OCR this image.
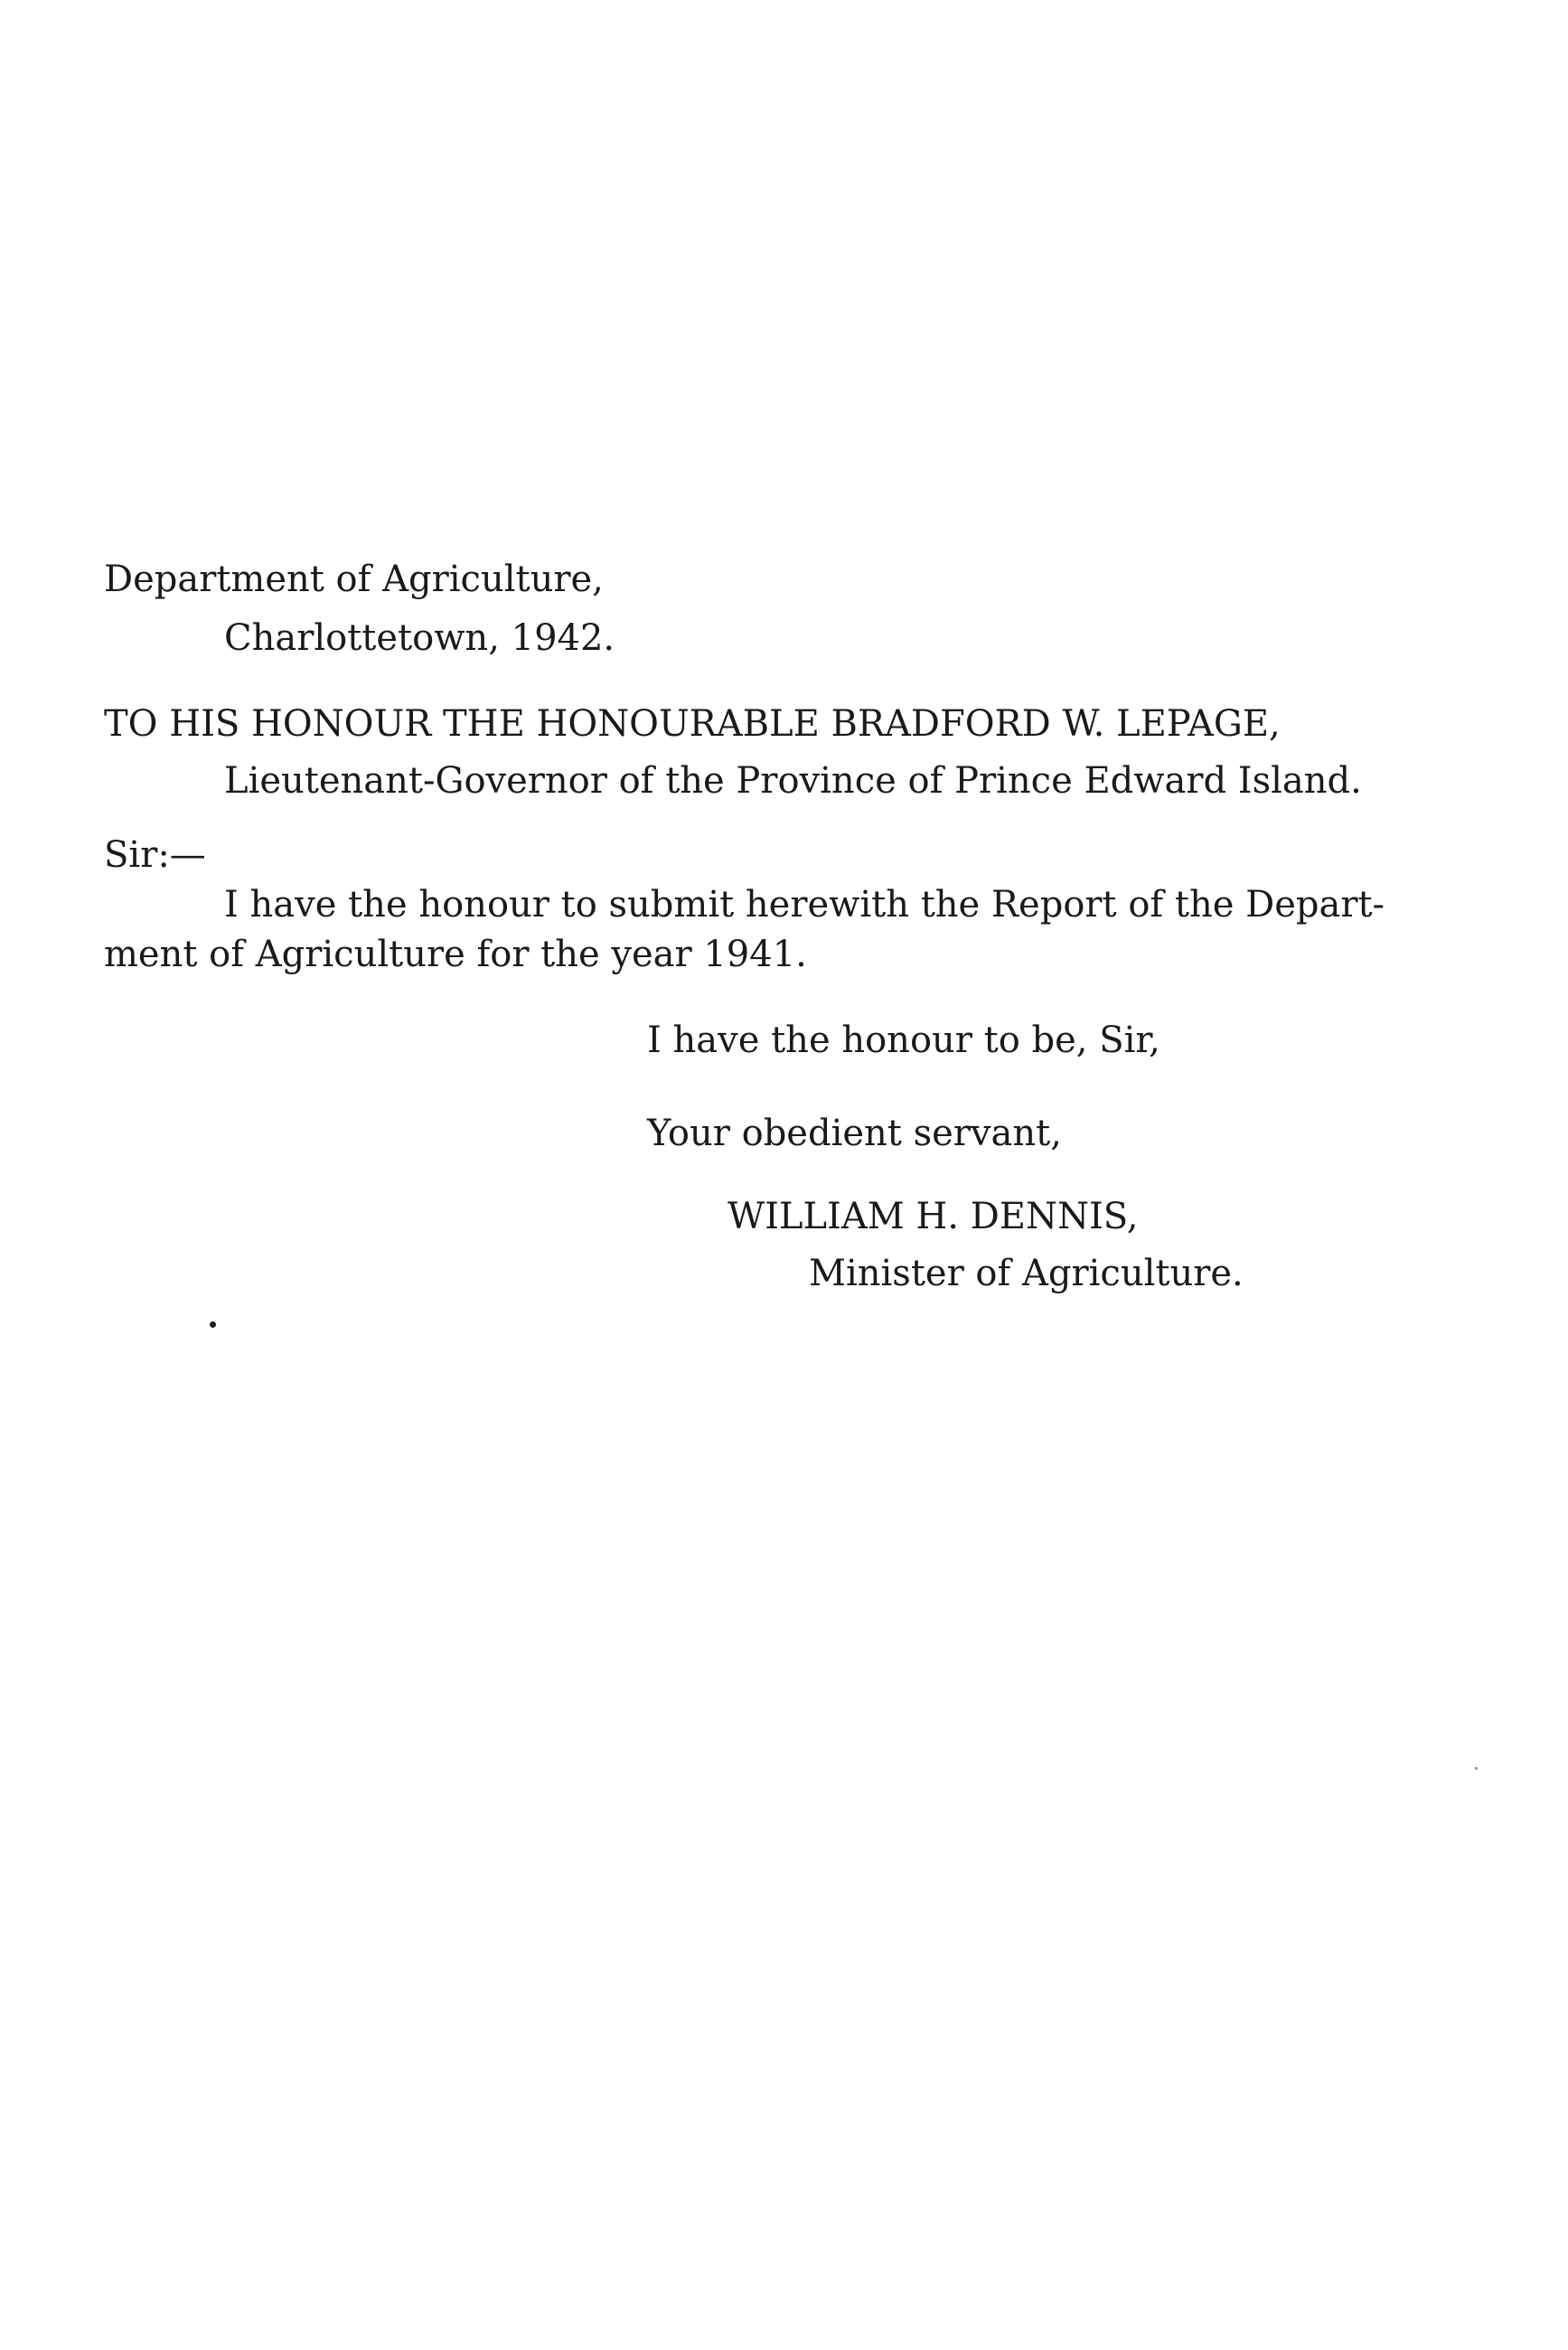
Department of Agriculture,
Charlottetown, 1942.
TO HIS HONOUR THE HONOURABLE BRADFORD W. LEPAGE,
Lieutenant-Governor of the Province of Prince Edward Island.
Sir:—
I have the honour to submit herewith the Report of the Depart-
ment of Agriculture for the year 1941.
I have the honour to be, Sir,
Your obedient servant,
WILLIAM H. DENNIS,
Minister of Agriculture.
